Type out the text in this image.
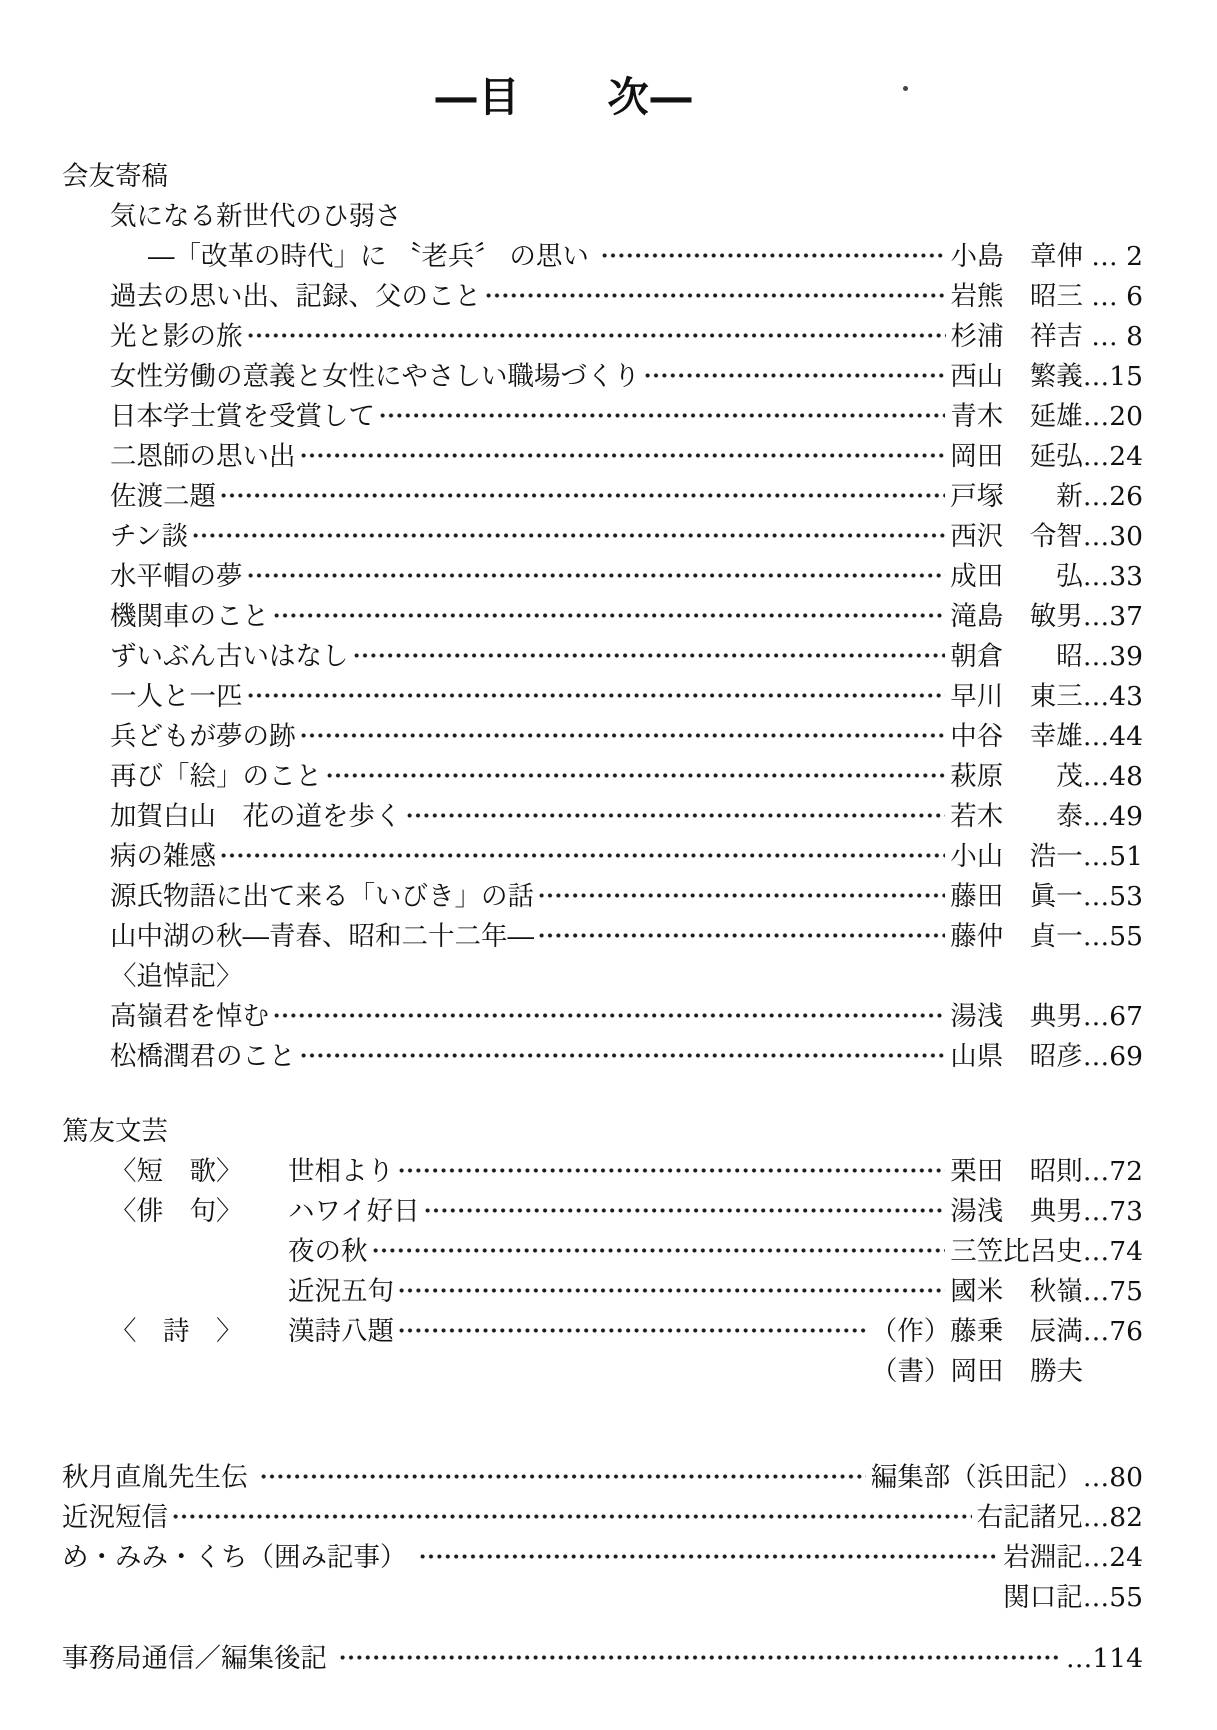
―目　　次―
会友寄稿
気になる新世代のひ弱さ
―「改革の時代」に 〝老兵〞 の思い	小島　章伸 … 2
過去の思い出、記録、父のこと	岩熊　昭三 … 6
光と影の旅	杉浦　祥吉 … 8
女性労働の意義と女性にやさしい職場づくり	西山　繁義 …15
日本学士賞を受賞して	青木　延雄 …20
二恩師の思い出	岡田　延弘 …24
佐渡二題	戸塚　　新 …26
チン談	西沢　令智 …30
水平帽の夢	成田　　弘 …33
機関車のこと	滝島　敏男 …37
ずいぶん古いはなし	朝倉　　昭 …39
一人と一匹	早川　東三 …43
兵どもが夢の跡	中谷　幸雄 …44
再び「絵」のこと	萩原　　茂 …48
加賀白山　花の道を歩く	若木　　泰 …49
病の雑感	小山　浩一 …51
源氏物語に出て来る「いびき」の話	藤田　眞一 …53
山中湖の秋―青春、昭和二十二年―	藤仲　貞一 …55
〈追悼記〉
高嶺君を悼む	湯浅　典男 …67
松橋潤君のこと	山県　昭彦 …69
篤友文芸
〈短　歌〉	世相より	栗田　昭則 …72
〈俳　句〉	ハワイ好日	湯浅　典男 …73
夜の秋	三笠比呂史 …74
近況五句	國米　秋嶺 …75
〈　詩　〉	漢詩八題	（作）藤乗　辰満 …76
（書）岡田　勝夫
秋月直胤先生伝	編集部（浜田記） …80
近況短信	右記諸兄 …82
め・みみ・くち（囲み記事）	岩淵記 …24
関口記 …55
事務局通信／編集後記	…114
